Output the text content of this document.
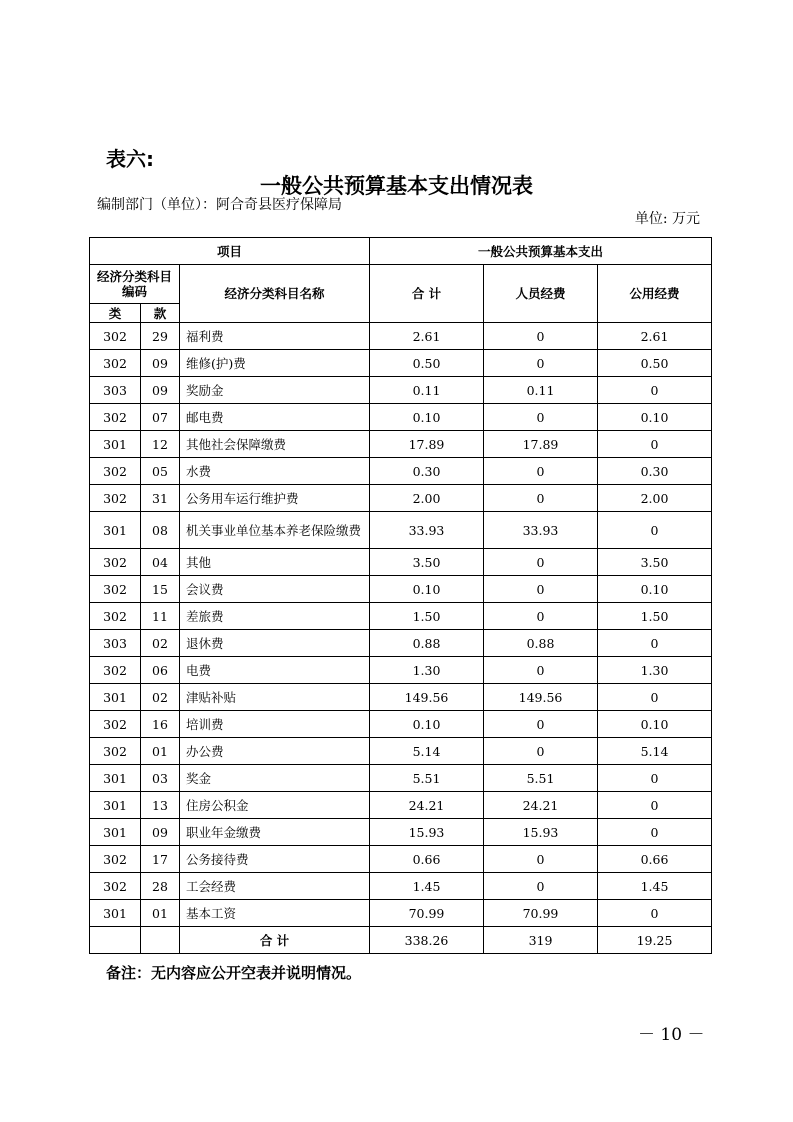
表六:
一般公共预算基本支出情况表
编制部门（单位）：阿合奇县医疗保障局
单位: 万元
项目			一般公共预算基本支出		
经济分类科目编码		经济分类科目名称	合 计	人员经费	公用经费
类	款				
302	29	福利费	2.61	0	2.61
302	09	维修(护)费	0.50	0	0.50
303	09	奖励金	0.11	0.11	0
302	07	邮电费	0.10	0	0.10
301	12	其他社会保障缴费	17.89	17.89	0
302	05	水费	0.30	0	0.30
302	31	公务用车运行维护费	2.00	0	2.00
301	08	机关事业单位基本养老保险缴费	33.93	33.93	0
302	04	其他	3.50	0	3.50
302	15	会议费	0.10	0	0.10
302	11	差旅费	1.50	0	1.50
303	02	退休费	0.88	0.88	0
302	06	电费	1.30	0	1.30
301	02	津贴补贴	149.56	149.56	0
302	16	培训费	0.10	0	0.10
302	01	办公费	5.14	0	5.14
301	03	奖金	5.51	5.51	0
301	13	住房公积金	24.21	24.21	0
301	09	职业年金缴费	15.93	15.93	0
302	17	公务接待费	0.66	0	0.66
302	28	工会经费	1.45	0	1.45
301	01	基本工资	70.99	70.99	0
		合 计	338.26	319	19.25
备注：无内容应公开空表并说明情况。
－ 10 －
